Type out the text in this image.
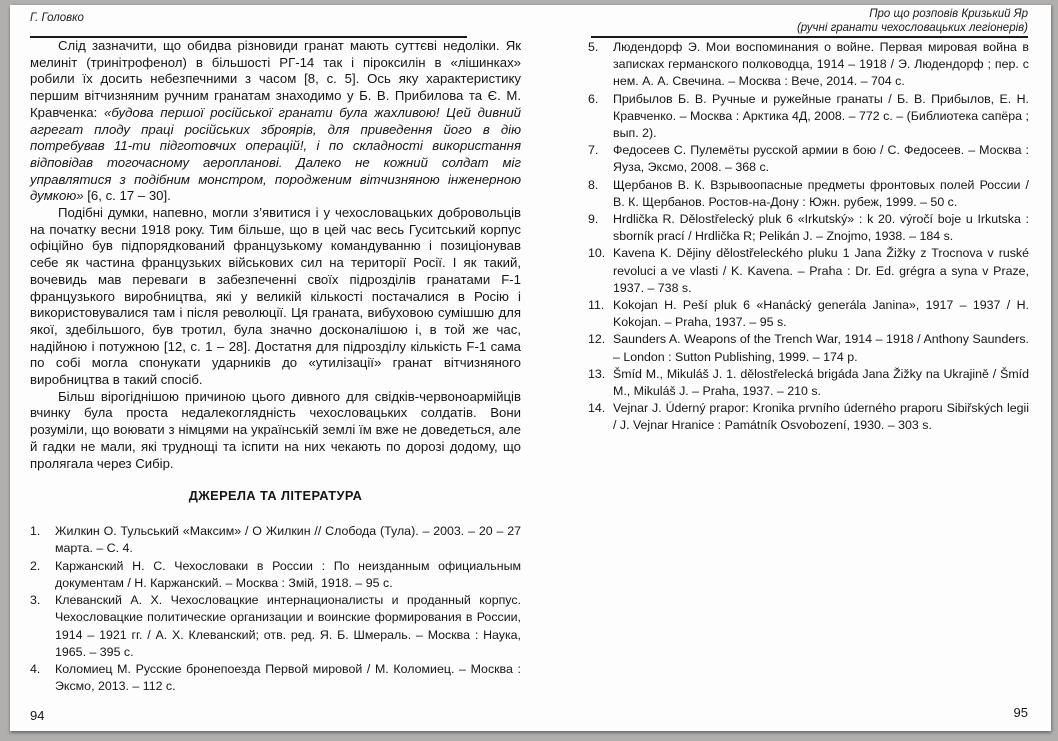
Г. Головко	Про що розповів Кризький Яр
(ручні гранати чехословацьких легіонерів)

Слід зазначити, що обидва різновиди гранат мають суттєві недоліки. Як мелиніт (тринітрофенол) в більшості РГ-14 так і піроксилін в «лішинках» робили їх досить небезпечними з часом [8, с. 5]. Ось яку характеристику першим вітчизняним ручним гранатам знаходимо у Б. В. Прибилова та Є. М. Кравченка: «будова першої російської гранати була жахливою! Цей дивний агрегат плоду праці російських зброярів, для приведення його в дію потребував 11-ти підготовчих операцій!, і по складності використання відповідав тогочасному аеропланові. Далеко не кожний солдат міг управлятися з подібним монстром, породженим вітчизняною інженерною думкою» [6, с. 17 – 30].

Подібні думки, напевно, могли з’явитися і у чехословацьких добровольців на початку весни 1918 року. Тим більше, що в цей час весь Гуситський корпус офіційно був підпорядкований французькому командуванню і позиціонував себе як частина французьких військових сил на території Росії. І як такий, вочевидь мав переваги в забезпеченні своїх підрозділів гранатами F-1 французького виробництва, які у великій кількості постачалися в Росію і використовувалися там і після революції. Ця граната, вибуховою сумішшю для якої, здебільшого, був тротил, була значно досконалішою і, в той же час, надійною і потужною [12, с. 1 – 28]. Достатня для підрозділу кількість F-1 сама по собі могла спонукати ударників до «утилізації» гранат вітчизняного виробництва в такий спосіб.

Більш вірогіднішою причиною цього дивного для свідків-червоноармійців вчинку була проста недалекоглядність чехословацьких солдатів. Вони розуміли, що воювати з німцями на українській землі їм вже не доведеться, але й гадки не мали, які труднощі та іспити на них чекають по дорозі додому, що пролягала через Сибір.

ДЖЕРЕЛА ТА ЛІТЕРАТУРА
1. Жилкин О. Тульський «Максим» / О Жилкин // Слобода (Тула). – 2003. – 20 – 27 марта. – С. 4.
2. Каржанский Н. С. Чехословаки в России : По неизданным официальным документам / Н. Каржанский. – Москва : Змій, 1918. – 95 с.
3. Клеванский А. Х. Чехословацкие интернационалисты и проданный корпус. Чехословацкие политические организации и воинские формирования в России, 1914 – 1921 гг. / А. Х. Клеванский; отв. ред. Я. Б. Шмераль. – Москва : Наука, 1965. – 395 с.
4. Коломиец М. Русские бронепоезда Первой мировой / М. Коломиец. – Москва : Эксмо, 2013. – 112 с.
5. Людендорф Э. Мои воспоминания о войне. Первая мировая война в записках германского полководца, 1914 – 1918 / Э. Людендорф ; пер. с нем. А. А. Свечина. – Москва : Вече, 2014. – 704 с.
6. Прибылов Б. В. Ручные и ружейные гранаты / Б. В. Прибылов, Е. Н. Кравченко. – Москва : Арктика 4Д, 2008. – 772 с. – (Библиотека сапёра ; вып. 2).
7. Федосеев С. Пулемёты русской армии в бою / С. Федосеев. – Москва : Яуза, Эксмо, 2008. – 368 с.
8. Щербанов В. К. Взрывоопасные предметы фронтовых полей России / В. К. Щербанов. Ростов-на-Дону : Южн. рубеж, 1999. – 50 с.
9. Hrdlička R. Dělostřelecký pluk 6 «Irkutský» : k 20. výročí boje u Irkutska : sborník prací / Hrdlička R; Pelikán J. – Znojmo, 1938. – 184 s.
10. Kavena K. Dějiny dělostřeleckého pluku 1 Jana Žižky z Trocnova v ruské revoluci a ve vlasti / K. Kavena. – Praha : Dr. Ed. grégra a syna v Praze, 1937. – 738 s.
11. Kokojan H. Peší pluk 6 «Hanácký generála Janina», 1917 – 1937 / H. Kokojan. – Praha, 1937. – 95 s.
12. Saunders A. Weapons of the Trench War, 1914 – 1918 / Anthony Saunders. – London : Sutton Publishing, 1999. – 174 p.
13. Šmíd M., Mikuláš J. 1. dělostřelecká brigáda Jana Žižky na Ukrajině / Šmíd M., Mikuláš J. – Praha, 1937. – 210 s.
14. Vejnar J. Úderný prapor: Kronika prvního úderného praporu Sibiřských legii / J. Vejnar Hranice : Památník Osvobození, 1930. – 303 s.
94	95
